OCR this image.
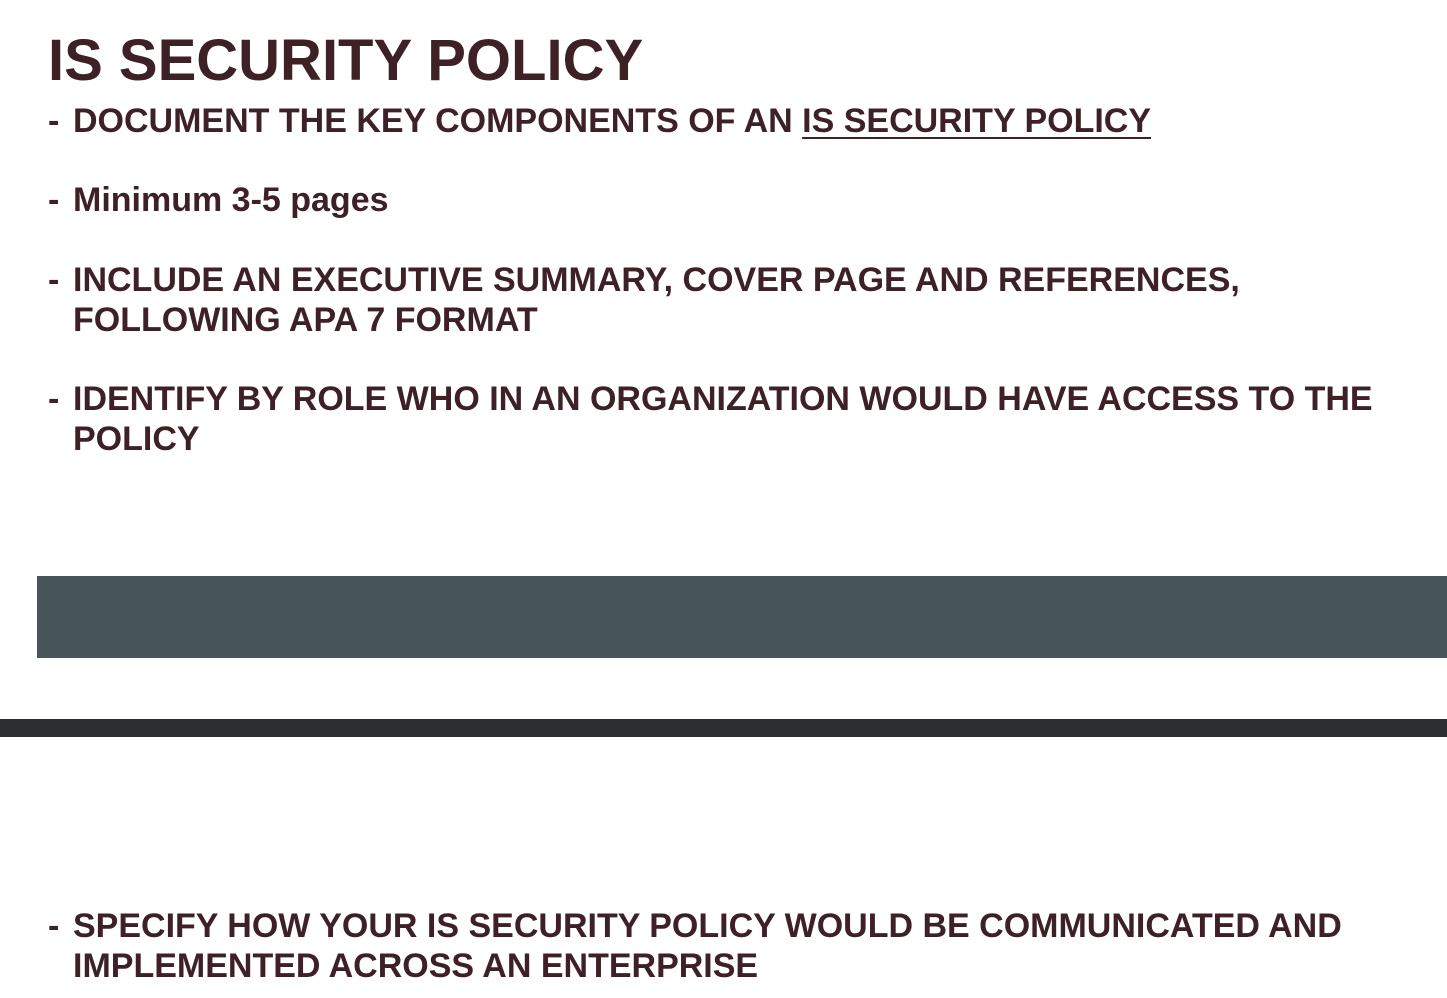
IS SECURITY POLICY
- DOCUMENT THE KEY COMPONENTS OF AN IS SECURITY POLICY
- Minimum 3-5 pages
- INCLUDE AN EXECUTIVE SUMMARY, COVER PAGE AND REFERENCES,
FOLLOWING APA 7 FORMAT
- IDENTIFY BY ROLE WHO IN AN ORGANIZATION WOULD HAVE ACCESS TO THE
POLICY
- SPECIFY HOW YOUR IS SECURITY POLICY WOULD BE COMMUNICATED AND
IMPLEMENTED ACROSS AN ENTERPRISE
